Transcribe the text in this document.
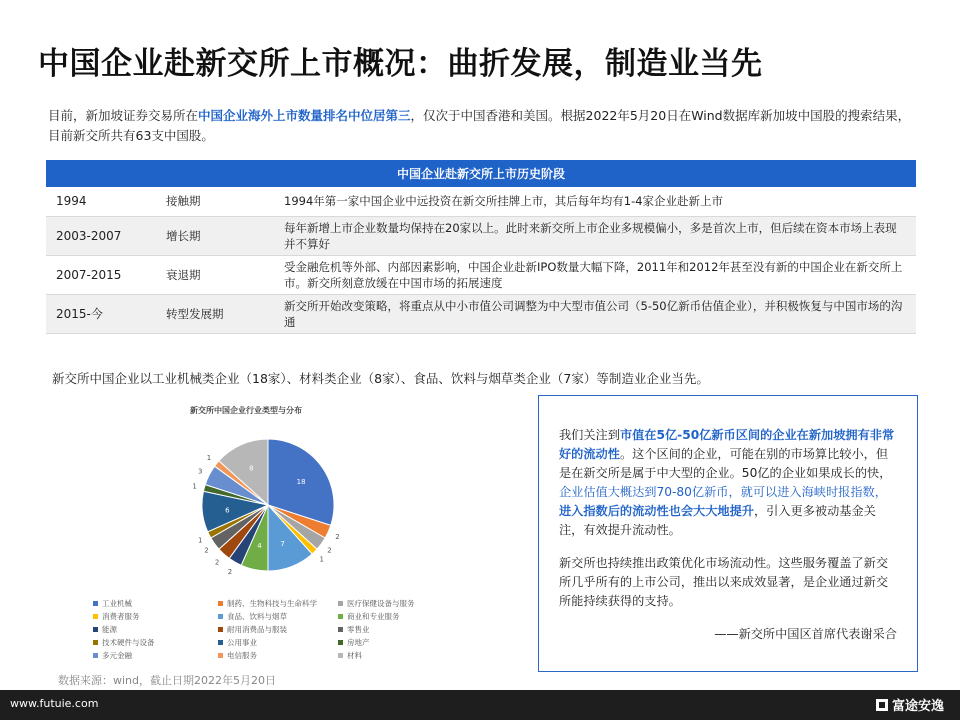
中国企业赴新交所上市概况：曲折发展，制造业当先
目前，新加坡证券交易所在中国企业海外上市数量排名中位居第三，仅次于中国香港和美国。根据2022年5月20日在Wind数据库新加坡中国股的搜索结果，目前新交所共有63支中国股。
中国企业赴新交所上市历史阶段		
1994	接触期	1994年第一家中国企业中远投资在新交所挂牌上市，其后每年均有1-4家企业赴新上市
2003-2007	增长期	每年新增上市企业数量均保持在20家以上。此时来新交所上市企业多规模偏小，多是首次上市，但后续在资本市场上表现并不算好
2007-2015	衰退期	受金融危机等外部、内部因素影响，中国企业赴新IPO数量大幅下降，2011年和2012年甚至没有新的中国企业在新交所上市。新交所刻意放缓在中国市场的拓展速度
2015-今	转型发展期	新交所开始改变策略，将重点从中小市值公司调整为中大型市值公司（5-50亿新币估值企业），并积极恢复与中国市场的沟通
新交所中国企业以工业机械类企业（18家）、材料类企业（8家）、食品、饮料与烟草类企业（7家）等制造业企业当先。
18
2
2
1
7
4
2
2
2
1
6
1
3
1
8
新交所中国企业行业类型与分布
工业机械	制药、生物科技与生命科学	医疗保健设备与服务
消费者服务	食品、饮料与烟草	商业和专业服务
能源	耐用消费品与服装	零售业
技术硬件与设备	公用事业	房地产
多元金融	电信服务	材料
数据来源：wind，截止日期2022年5月20日

我们关注到市值在5亿-50亿新币区间的企业在新加坡拥有非常好的流动性。这个区间的企业，可能在别的市场算比较小，但是在新交所是属于中大型的企业。50亿的企业如果成长的快，企业估值大概达到70-80亿新币，就可以进入海峡时报指数，进入指数后的流动性也会大大地提升，引入更多被动基金关注，有效提升流动性。

新交所也持续推出政策优化市场流动性。这些服务覆盖了新交所几乎所有的上市公司，推出以来成效显著，是企业通过新交所能持续获得的支持。

——新交所中国区首席代表谢采合

www.futuie.com	富途安逸
